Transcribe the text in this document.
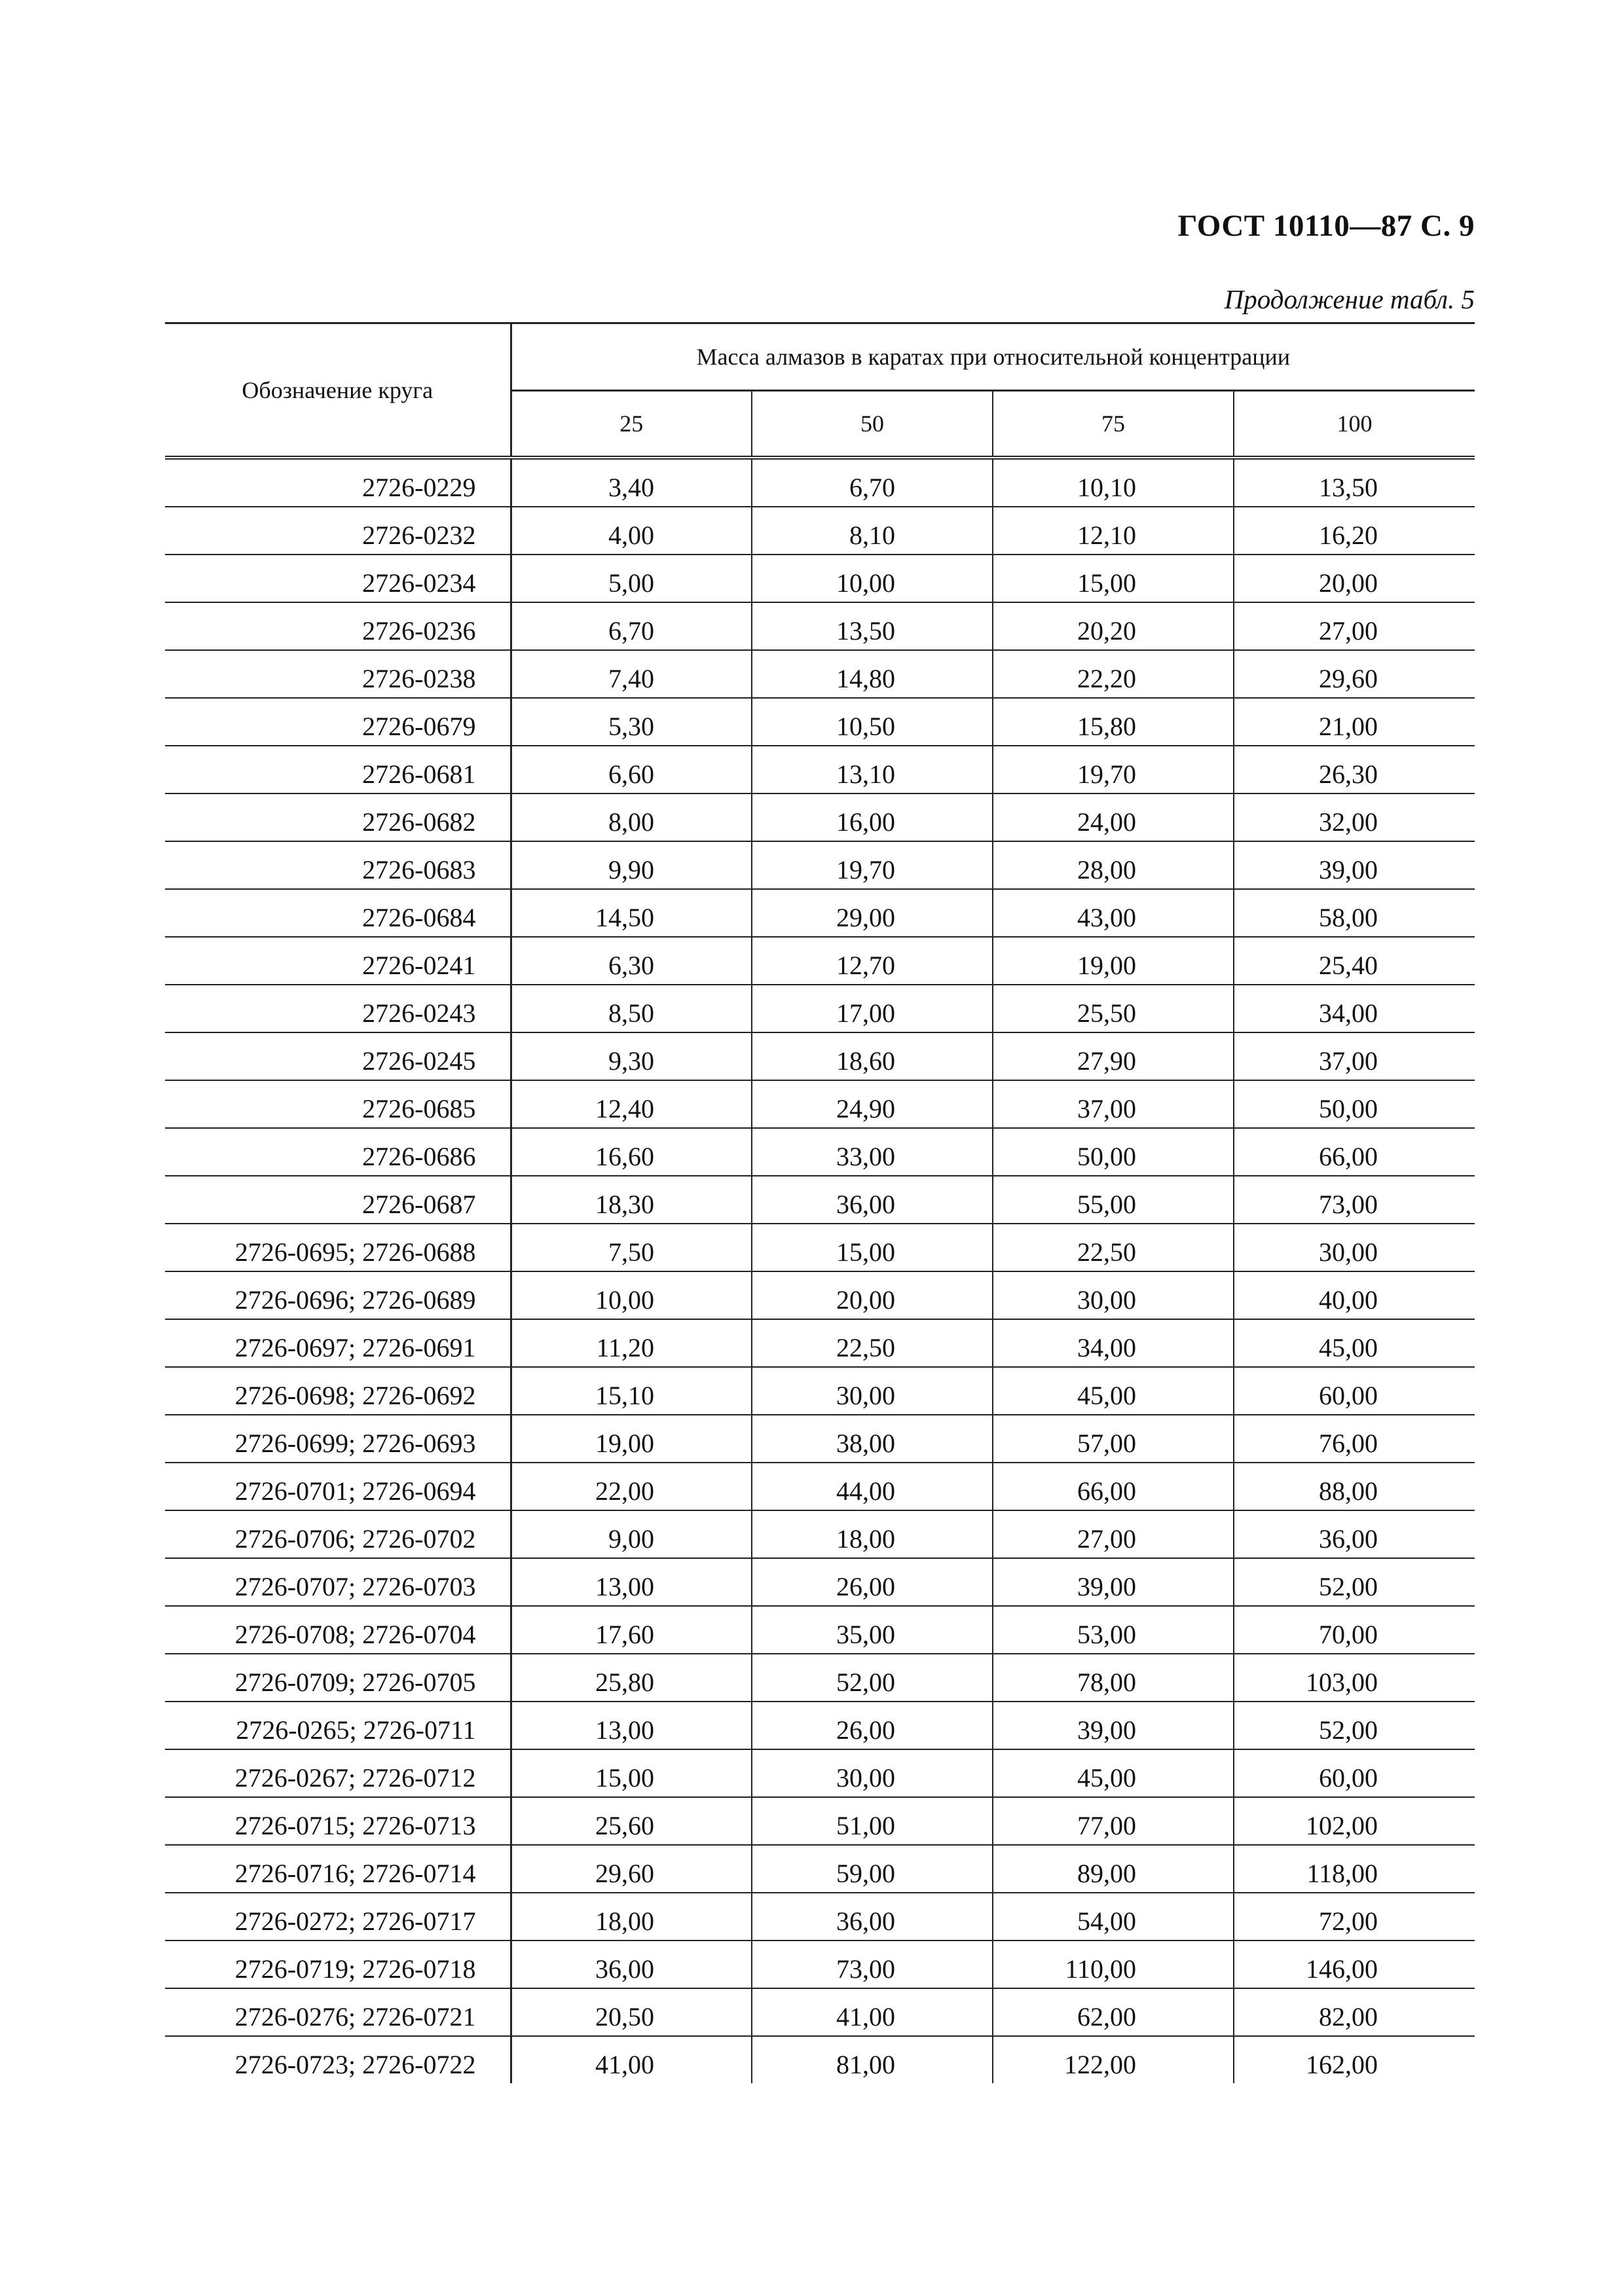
ГОСТ 10110—87 С. 9
Продолжение табл. 5
Обозначение круга	Масса алмазов в каратах при относительной концентрации			
	25	50	75	100
2726-0229	3,40	6,70	10,10	13,50
2726-0232	4,00	8,10	12,10	16,20
2726-0234	5,00	10,00	15,00	20,00
2726-0236	6,70	13,50	20,20	27,00
2726-0238	7,40	14,80	22,20	29,60
2726-0679	5,30	10,50	15,80	21,00
2726-0681	6,60	13,10	19,70	26,30
2726-0682	8,00	16,00	24,00	32,00
2726-0683	9,90	19,70	28,00	39,00
2726-0684	14,50	29,00	43,00	58,00
2726-0241	6,30	12,70	19,00	25,40
2726-0243	8,50	17,00	25,50	34,00
2726-0245	9,30	18,60	27,90	37,00
2726-0685	12,40	24,90	37,00	50,00
2726-0686	16,60	33,00	50,00	66,00
2726-0687	18,30	36,00	55,00	73,00
2726-0695; 2726-0688	7,50	15,00	22,50	30,00
2726-0696; 2726-0689	10,00	20,00	30,00	40,00
2726-0697; 2726-0691	11,20	22,50	34,00	45,00
2726-0698; 2726-0692	15,10	30,00	45,00	60,00
2726-0699; 2726-0693	19,00	38,00	57,00	76,00
2726-0701; 2726-0694	22,00	44,00	66,00	88,00
2726-0706; 2726-0702	9,00	18,00	27,00	36,00
2726-0707; 2726-0703	13,00	26,00	39,00	52,00
2726-0708; 2726-0704	17,60	35,00	53,00	70,00
2726-0709; 2726-0705	25,80	52,00	78,00	103,00
2726-0265; 2726-0711	13,00	26,00	39,00	52,00
2726-0267; 2726-0712	15,00	30,00	45,00	60,00
2726-0715; 2726-0713	25,60	51,00	77,00	102,00
2726-0716; 2726-0714	29,60	59,00	89,00	118,00
2726-0272; 2726-0717	18,00	36,00	54,00	72,00
2726-0719; 2726-0718	36,00	73,00	110,00	146,00
2726-0276; 2726-0721	20,50	41,00	62,00	82,00
2726-0723; 2726-0722	41,00	81,00	122,00	162,00
